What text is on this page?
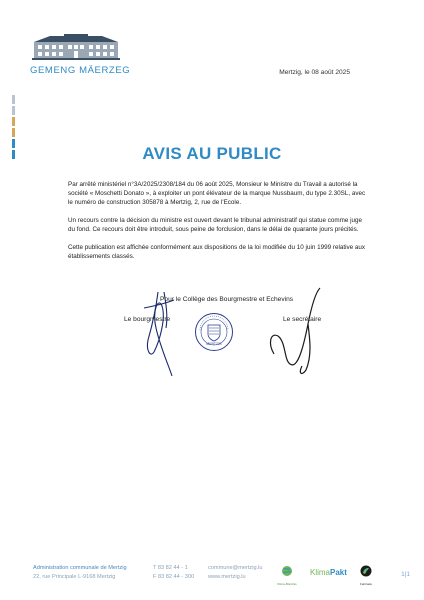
GEMENG MÄERZEG	Mertzig, le 08 août 2025
AVIS AU PUBLIC

Par arrêté ministériel n°3A/2025/2308/184 du 06 août 2025, Monsieur le Ministre du Travail a autorisé la société « Moschetti Donato », à exploiter un pont élévateur de la marque Nussbaum, du type 2.30SL, avec le numéro de construction 305878 à Mertzig, 2, rue de l'Ecole.

Un recours contre la décision du ministre est ouvert devant le tribunal administratif qui statue comme juge du fond. Ce recours doit être introduit, sous peine de forclusion, dans le délai de quarante jours précités.

Cette publication est affichée conformément aux dispositions de la loi modifiée du 10 juin 1999 relative aux établissements classés.

Pour le Collège des Bourgmestre et Echevins
Le bourgmestre	Le secrétaire
MERTZIG
Administration communale de Mertzig
22, rue Principale L-9168 Mertzig
T 83 82 44 - 1
F 83 82 44 - 300
commune@mertzig.lu
www.mertzig.lu
Klima-Bündnis
KlimaPakt
Fairtrade
1|1
